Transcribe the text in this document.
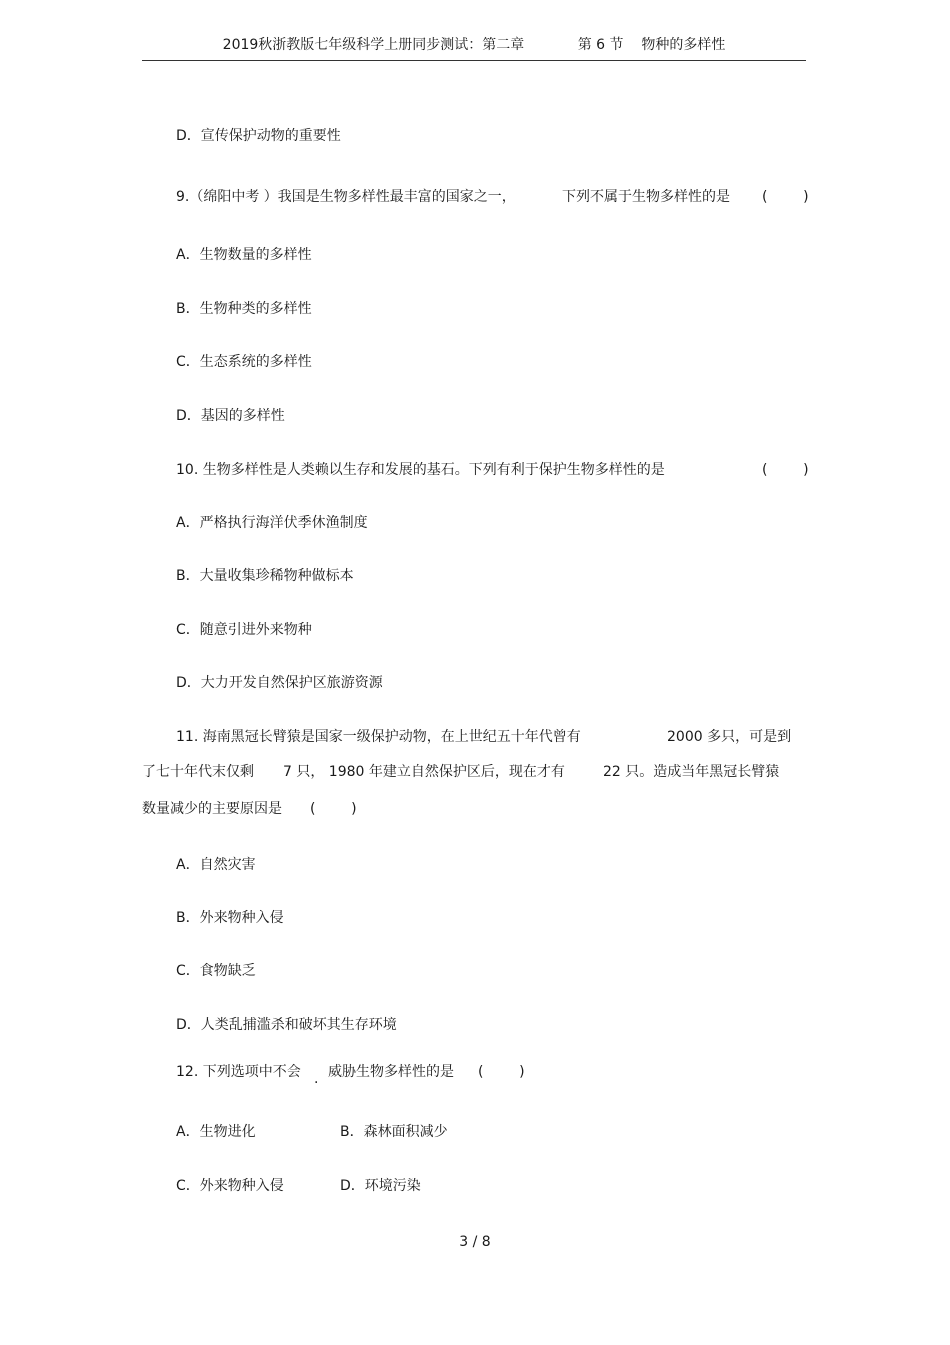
2019秋浙教版七年级科学上册同步测试：第二章	第 6 节    物种的多样性
D．宣传保护动物的重要性
9.（绵阳中考 ）我国是生物多样性最丰富的国家之一，	下列不属于生物多样性的是 (        )
A．生物数量的多样性
B．生物种类的多样性
C．生态系统的多样性
D．基因的多样性
10. 生物多样性是人类赖以生存和发展的基石。下列有利于保护生物多样性的是	(        )
A．严格执行海洋伏季休渔制度
B．大量收集珍稀物种做标本
C．随意引进外来物种
D．大力开发自然保护区旅游资源
11. 海南黑冠长臂猿是国家一级保护动物，在上世纪五十年代曾有	2000 多只，可是到
了七十年代末仅剩 7 只， 1980 年建立自然保护区后，现在才有	22 只。造成当年黑冠长臂猿
数量减少的主要原因是 (        )
A．自然灾害
B．外来物种入侵
C．食物缺乏
D．人类乱捕滥杀和破坏其生存环境
12. 下列选项中不会 . 威胁生物多样性的是 (        )
A．生物进化	B．森林面积减少
C．外来物种入侵	D．环境污染
3 / 8
